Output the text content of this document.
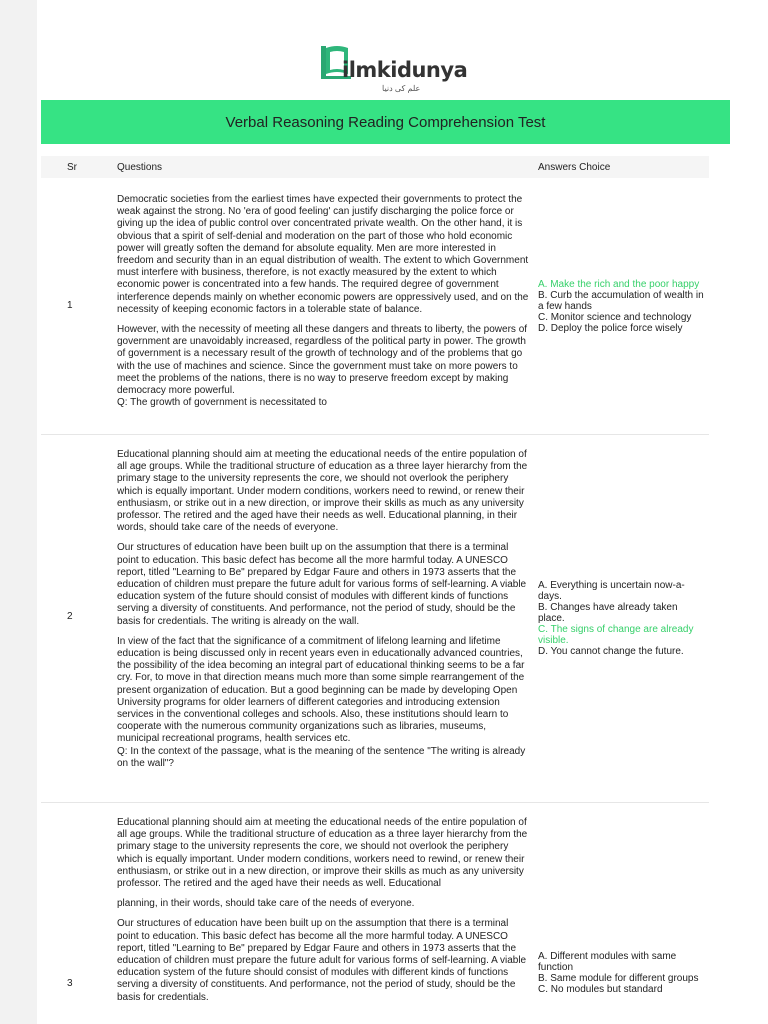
ilmkidunya
علم کی دنیا
Verbal Reasoning Reading Comprehension Test
Sr	Questions	Answers Choice
1

Democratic societies from the earliest times have expected their governments to protect the weak against the strong. No 'era of good feeling' can justify discharging the police force or giving up the idea of public control over concentrated private wealth. On the other hand, it is obvious that a spirit of self-denial and moderation on the part of those who hold economic power will greatly soften the demand for absolute equality. Men are more interested in freedom and security than in an equal distribution of wealth. The extent to which Government must interfere with business, therefore, is not exactly measured by the extent to which economic power is concentrated into a few hands. The required degree of government interference depends mainly on whether economic powers are oppressively used, and on the necessity of keeping economic factors in a tolerable state of balance.

However, with the necessity of meeting all these dangers and threats to liberty, the powers of government are unavoidably increased, regardless of the political party in power. The growth of government is a necessary result of the growth of technology and of the problems that go with the use of machines and science. Since the government must take on more powers to meet the problems of the nations, there is no way to preserve freedom except by making democracy more powerful.
Q: The growth of government is necessitated to

A. Make the rich and the poor happy
B. Curb the accumulation of wealth in a few hands
C. Monitor science and technology
D. Deploy the police force wisely
2

Educational planning should aim at meeting the educational needs of the entire population of all age groups. While the traditional structure of education as a three layer hierarchy from the primary stage to the university represents the core, we should not overlook the periphery which is equally important. Under modern conditions, workers need to rewind, or renew their enthusiasm, or strike out in a new direction, or improve their skills as much as any university professor. The retired and the aged have their needs as well. Educational planning, in their words, should take care of the needs of everyone.

Our structures of education have been built up on the assumption that there is a terminal point to education. This basic defect has become all the more harmful today. A UNESCO report, titled "Learning to Be" prepared by Edgar Faure and others in 1973 asserts that the education of children must prepare the future adult for various forms of self-learning. A viable education system of the future should consist of modules with different kinds of functions serving a diversity of constituents. And performance, not the period of study, should be the basis for credentials. The writing is already on the wall.

In view of the fact that the significance of a commitment of lifelong learning and lifetime education is being discussed only in recent years even in educationally advanced countries, the possibility of the idea becoming an integral part of educational thinking seems to be a far cry. For, to move in that direction means much more than some simple rearrangement of the present organization of education. But a good beginning can be made by developing Open University programs for older learners of different categories and introducing extension services in the conventional colleges and schools. Also, these institutions should learn to cooperate with the numerous community organizations such as libraries, museums, municipal recreational programs, health services etc.
Q: In the context of the passage, what is the meaning of the sentence "The writing is already on the wall"?

A. Everything is uncertain now-a-days.
B. Changes have already taken place.
C. The signs of change are already visible.
D. You cannot change the future.
3

Educational planning should aim at meeting the educational needs of the entire population of all age groups. While the traditional structure of education as a three layer hierarchy from the primary stage to the university represents the core, we should not overlook the periphery which is equally important. Under modern conditions, workers need to rewind, or renew their enthusiasm, or strike out in a new direction, or improve their skills as much as any university professor. The retired and the aged have their needs as well. Educational

planning, in their words, should take care of the needs of everyone.

Our structures of education have been built up on the assumption that there is a terminal point to education. This basic defect has become all the more harmful today. A UNESCO report, titled "Learning to Be" prepared by Edgar Faure and others in 1973 asserts that the education of children must prepare the future adult for various forms of self-learning. A viable education system of the future should consist of modules with different kinds of functions serving a diversity of constituents. And performance, not the period of study, should be the basis for credentials.

A. Different modules with same function
B. Same module for different groups
C. No modules but standard
